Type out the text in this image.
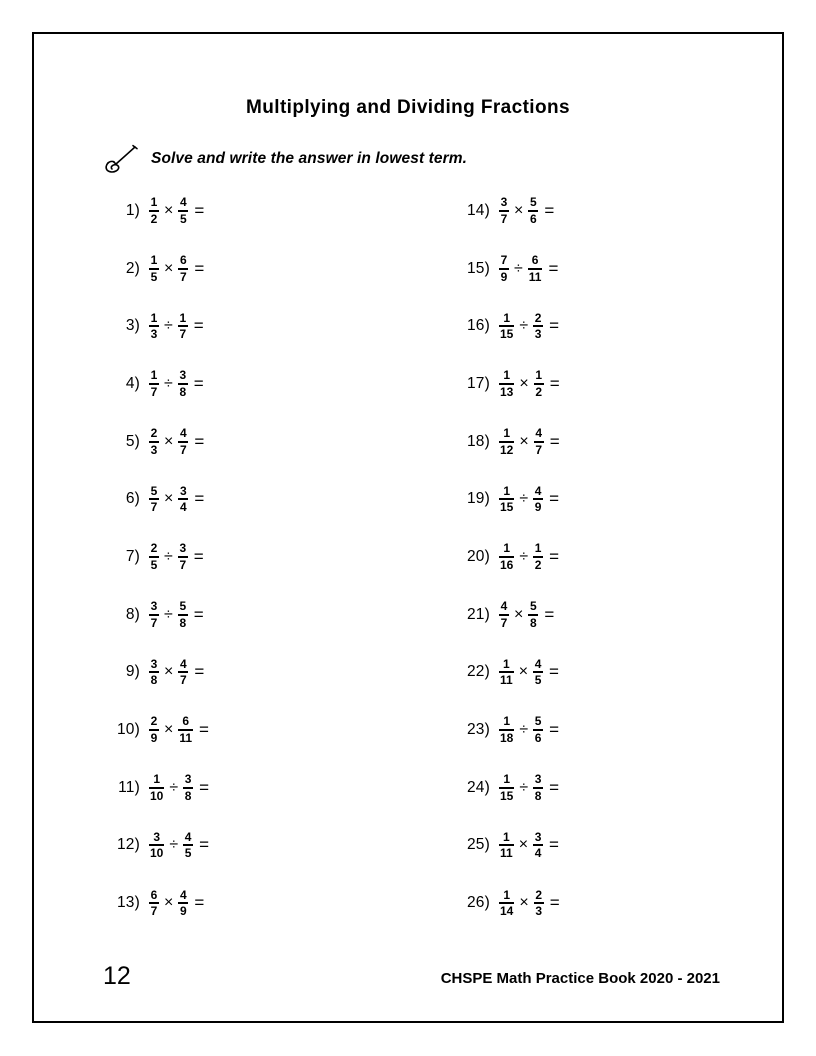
Multiplying and Dividing Fractions
Solve and write the answer in lowest term.
$1) \frac{1}{2} \times \frac{4}{5}$ =
$2) \frac{1}{5} \times \frac{6}{7}$ =
$3) \frac{1}{3} \div \frac{1}{7}$ =
$4) \frac{1}{7} \div \frac{3}{8}$ =
$5) \frac{2}{3} \times \frac{4}{7}$ =
$6) \frac{5}{7} \times \frac{3}{4}$ =
$7) \frac{2}{5} \div \frac{3}{7}$ =
$8) \frac{3}{7} \div \frac{5}{8}$ =
$9) \frac{3}{8} \times \frac{4}{7}$ =
$10) \frac{2}{9} \times \frac{6}{11}$ =
$11) \frac{1}{10} \div \frac{3}{8}$ =
$12) \frac{3}{10} \div \frac{4}{5}$ =
$13) \frac{6}{7} \times \frac{4}{9}$ =
$14) \frac{3}{7} \times \frac{5}{6}$ =
$15) \frac{7}{9} \div \frac{6}{11}$ =
$16) \frac{1}{15} \div \frac{2}{3}$ =
$17) \frac{1}{13} \times \frac{1}{2}$ =
$18) \frac{1}{12} \times \frac{4}{7}$ =
$19) \frac{1}{15} \div \frac{4}{9}$ =
$20) \frac{1}{16} \div \frac{1}{2}$ =
$21) \frac{4}{7} \times \frac{5}{8}$ =
$22) \frac{1}{11} \times \frac{4}{5}$ =
$23) \frac{1}{18} \div \frac{5}{6}$ =
$24) \frac{1}{15} \div \frac{3}{8}$ =
$25) \frac{1}{11} \times \frac{3}{4}$ =
$26) \frac{1}{14} \times \frac{2}{3}$ =
12	CHSPE Math Practice Book 2020 - 2021
